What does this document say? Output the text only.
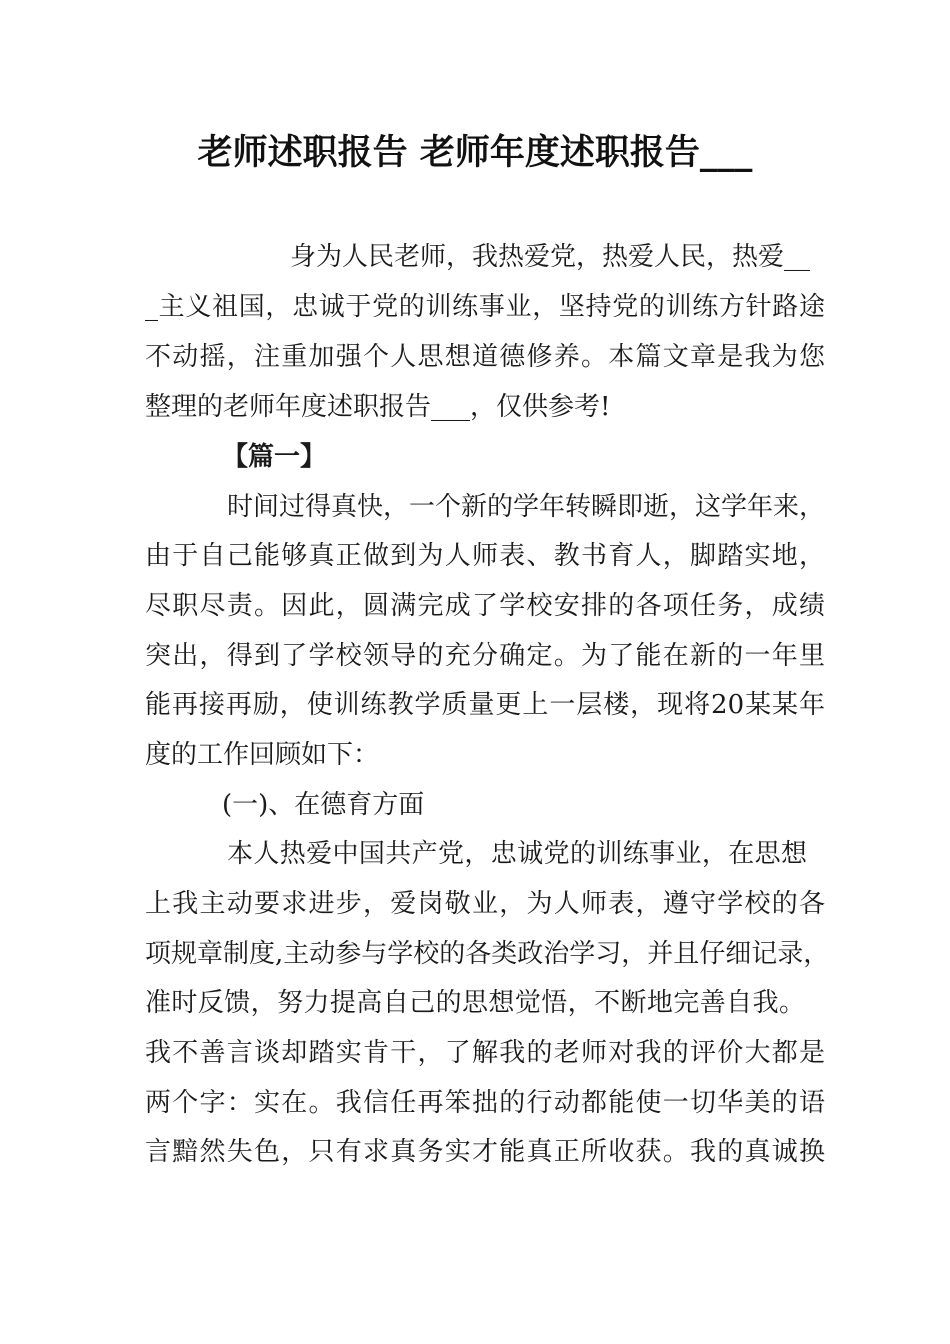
老师述职报告 老师年度述职报告___
身为人民老师，我热爱党，热爱人民，热爱__
_主义祖国，忠诚于党的训练事业，坚持党的训练方针路途
不动摇，注重加强个人思想道德修养。本篇文章是我为您
整理的老师年度述职报告___，仅供参考!
【篇一】
时间过得真快，一个新的学年转瞬即逝，这学年来，
由于自己能够真正做到为人师表、教书育人，脚踏实地，
尽职尽责。因此，圆满完成了学校安排的各项任务，成绩
突出，得到了学校领导的充分确定。为了能在新的一年里
能再接再励，使训练教学质量更上一层楼，现将20某某年
度的工作回顾如下：
(一)、在德育方面
本人热爱中国共产党，忠诚党的训练事业，在思想
上我主动要求进步，爱岗敬业，为人师表，遵守学校的各
项规章制度,主动参与学校的各类政治学习，并且仔细记录，
准时反馈，努力提高自己的思想觉悟，不断地完善自我。
我不善言谈却踏实肯干，了解我的老师对我的评价大都是
两个字：实在。我信任再笨拙的行动都能使一切华美的语
言黯然失色，只有求真务实才能真正所收获。我的真诚换
